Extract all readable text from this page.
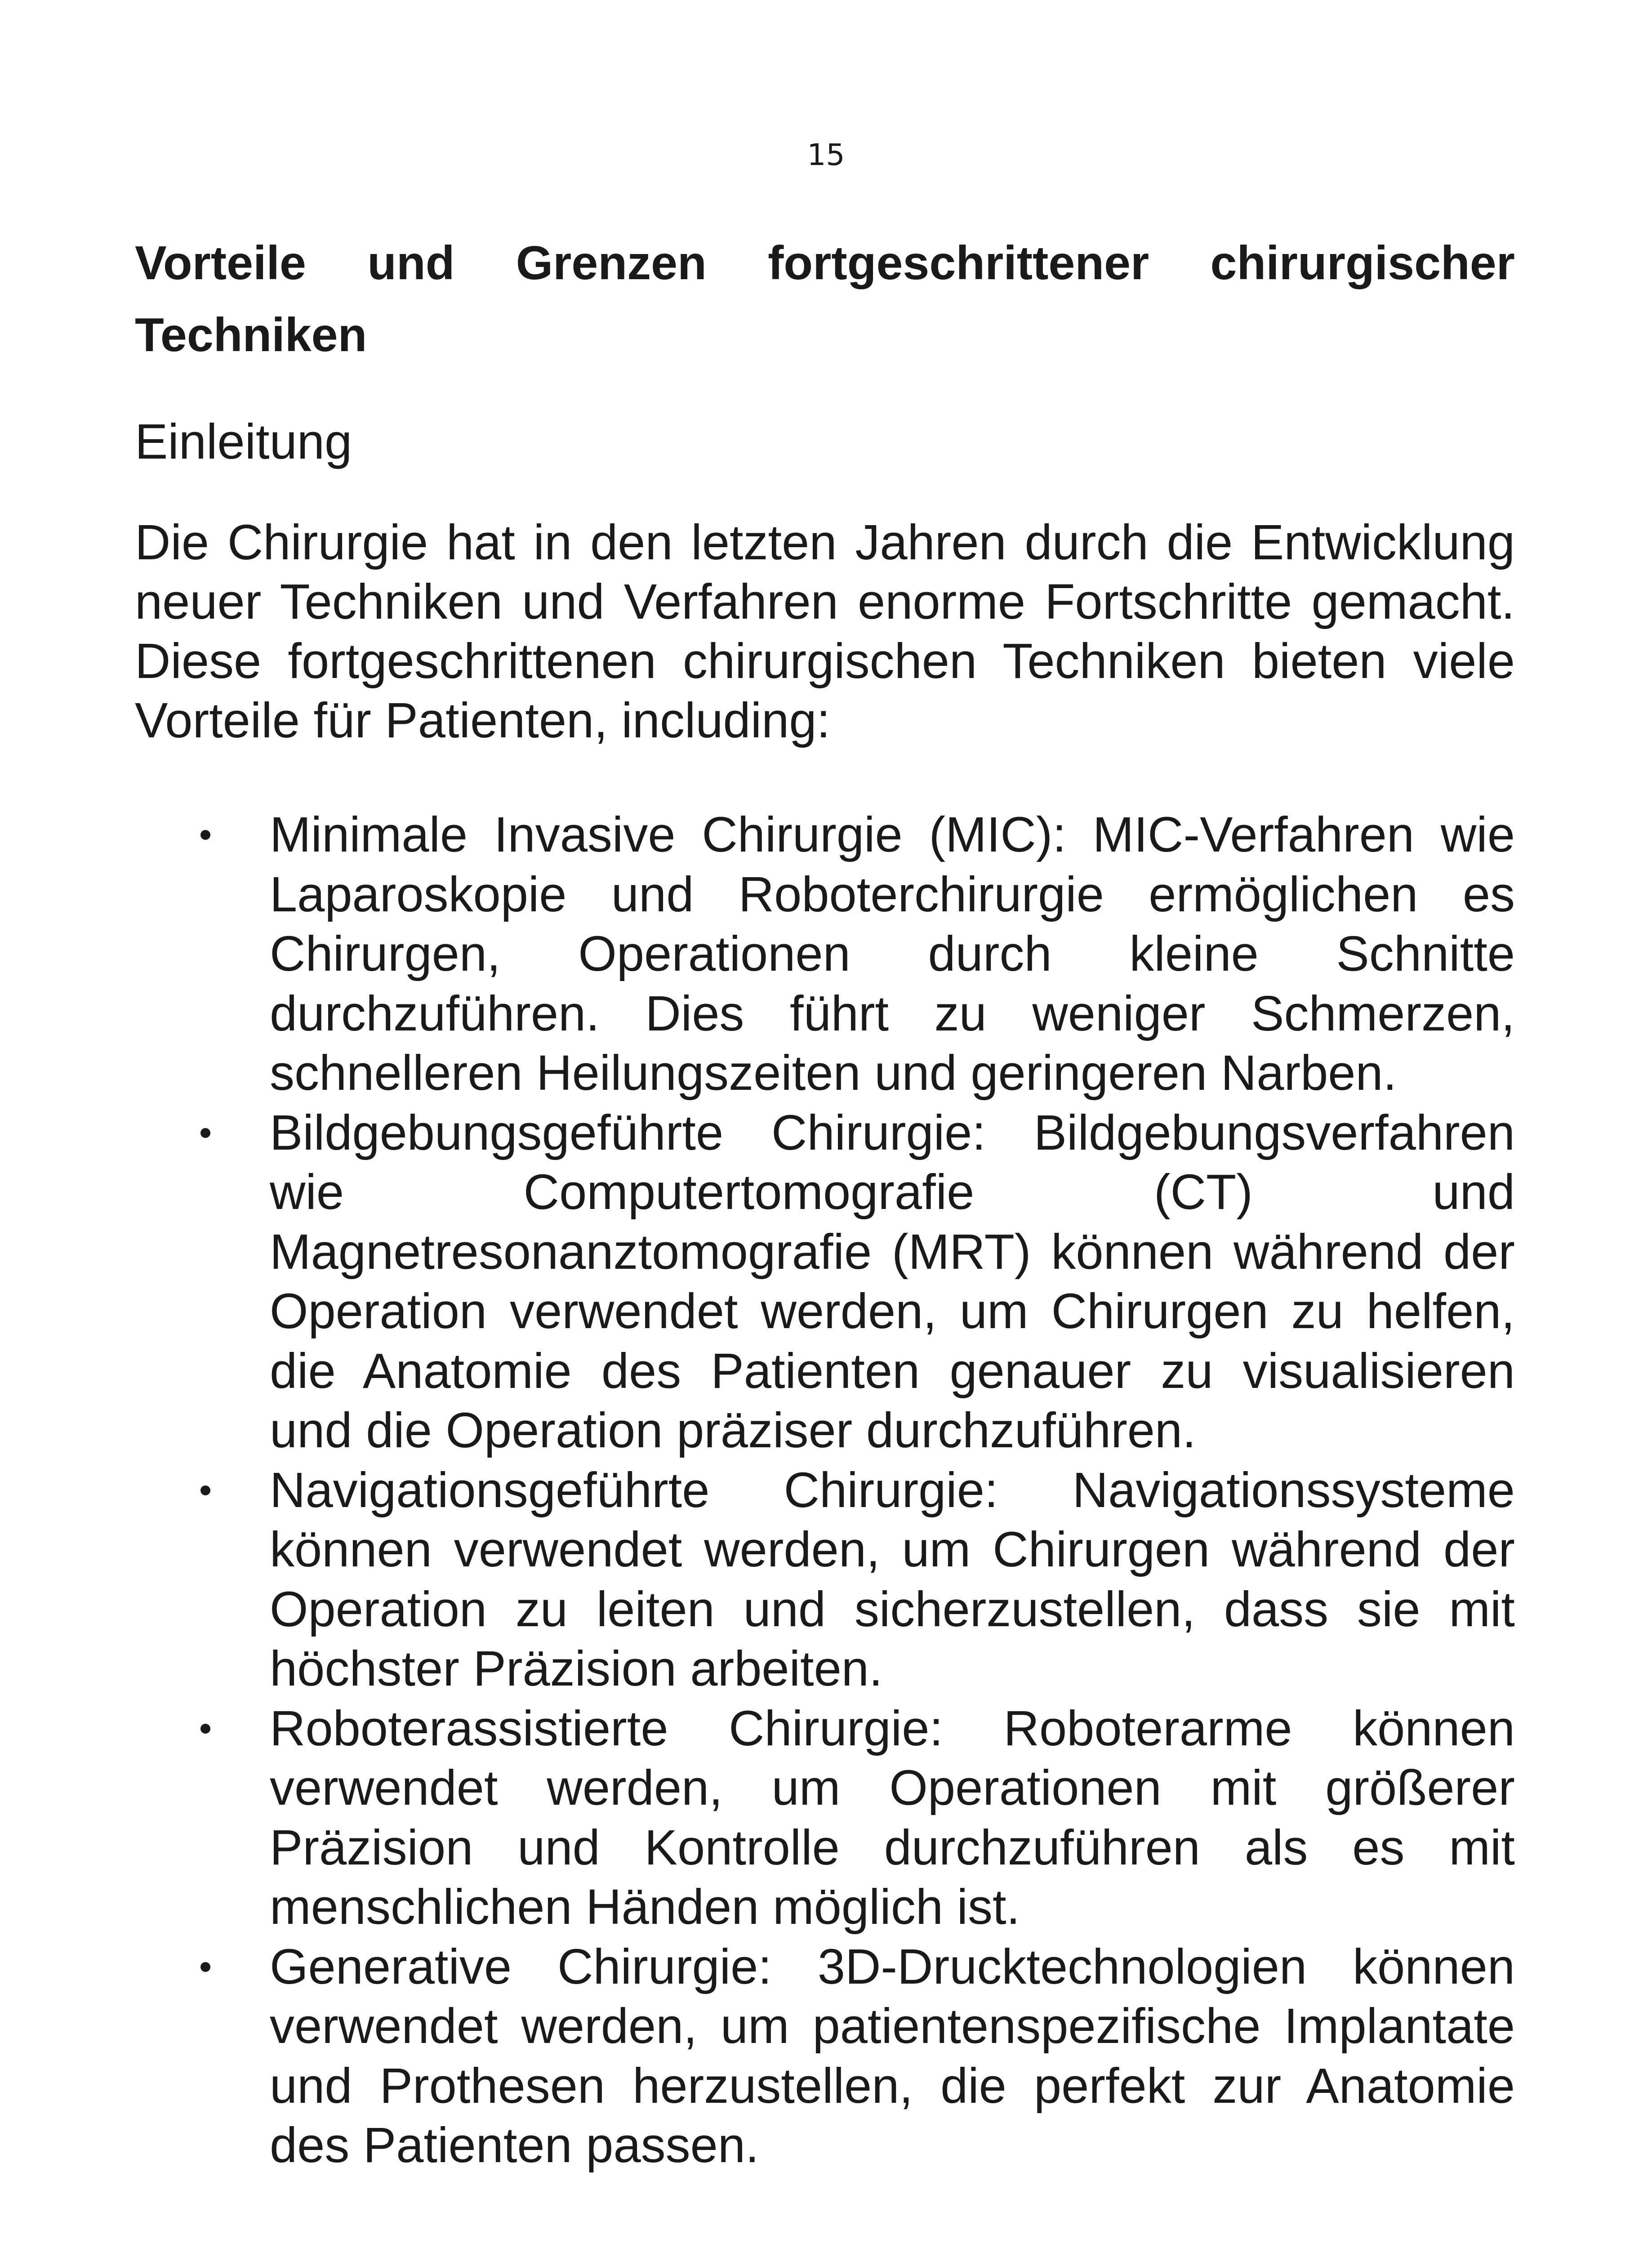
15
Vorteile und Grenzen fortgeschrittener chirurgischer Techniken
Einleitung

Die Chirurgie hat in den letzten Jahren durch die Entwicklung neuer Techniken und Verfahren enorme Fortschritte gemacht. Diese fortgeschrittenen chirurgischen Techniken bieten viele Vorteile für Patienten, including:

Minimale Invasive Chirurgie (MIC): MIC-Verfahren wie Laparoskopie und Roboterchirurgie ermöglichen es Chirurgen, Operationen durch kleine Schnitte durchzuführen. Dies führt zu weniger Schmerzen, schnelleren Heilungszeiten und geringeren Narben.
Bildgebungsgeführte Chirurgie: Bildgebungsverfahren wie Computertomografie (CT) und Magnetresonanztomografie (MRT) können während der Operation verwendet werden, um Chirurgen zu helfen, die Anatomie des Patienten genauer zu visualisieren und die Operation präziser durchzuführen.
Navigationsgeführte Chirurgie: Navigationssysteme können verwendet werden, um Chirurgen während der Operation zu leiten und sicherzustellen, dass sie mit höchster Präzision arbeiten.
Roboterassistierte Chirurgie: Roboterarme können verwendet werden, um Operationen mit größerer Präzision und Kontrolle durchzuführen als es mit menschlichen Händen möglich ist.
Generative Chirurgie: 3D-Drucktechnologien können verwendet werden, um patientenspezifische Implantate und Prothesen herzustellen, die perfekt zur Anatomie des Patienten passen.
